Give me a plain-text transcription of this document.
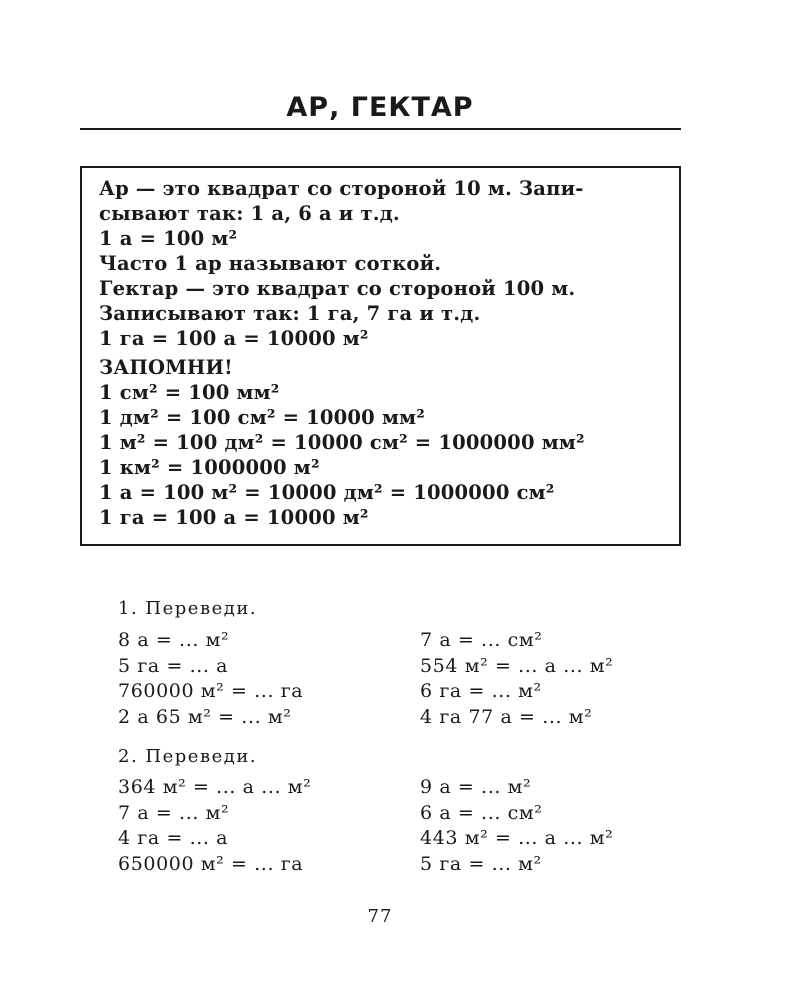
АР, ГЕКТАР
Ар — это квадрат со стороной 10 м. Запи-
сывают так: 1 а, 6 а и т.д.
1 а = 100 м²
Часто 1 ар называют соткой.
Гектар — это квадрат со стороной 100 м.
Записывают так: 1 га, 7 га и т.д.
1 га = 100 а = 10000 м²
ЗАПОМНИ!
1 см² = 100 мм²
1 дм² = 100 см² = 10000 мм²
1 м² = 100 дм² = 10000 см² = 1000000 мм²
1 км² = 1000000 м²
1 а = 100 м² = 10000 дм² = 1000000 см²
1 га = 100 а = 10000 м²
1. Переведи.
8 а = ... м²	7 а = ... см²
5 га = ... а	554 м² = ... а ... м²
760000 м² = ... га	6 га = ... м²
2 а 65 м² = ... м²	4 га 77 а = ... м²
2. Переведи.
364 м² = ... а ... м²	9 а = ... м²
7 а = ... м²	6 а = ... см²
4 га = ... а	443 м² = ... а ... м²
650000 м² = ... га	5 га = ... м²
77
